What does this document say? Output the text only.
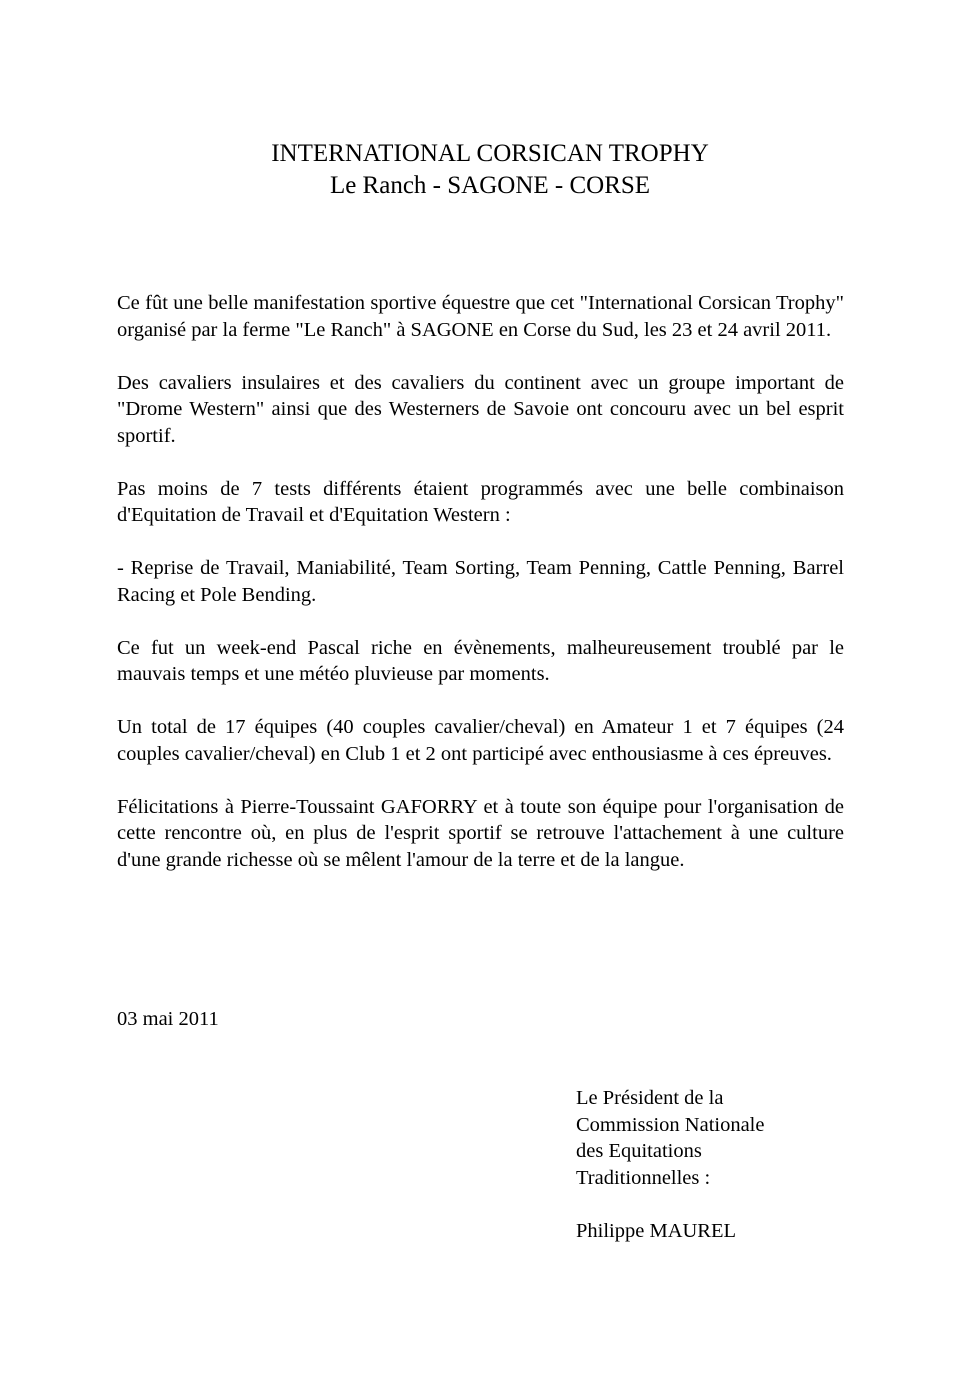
INTERNATIONAL CORSICAN TROPHY
Le Ranch - SAGONE - CORSE

Ce fût une belle manifestation sportive équestre que cet "International Corsican Trophy" organisé par la ferme "Le Ranch" à SAGONE en Corse du Sud, les 23 et 24 avril 2011.

Des cavaliers insulaires et des cavaliers du continent avec un groupe important de "Drome Western" ainsi que des Westerners de Savoie ont concouru avec un bel esprit sportif.

Pas moins de 7 tests différents étaient programmés avec une belle combinaison d'Equitation de Travail et d'Equitation Western :

- Reprise de Travail, Maniabilité, Team Sorting, Team Penning, Cattle Penning, Barrel Racing et Pole Bending.

Ce fut un week-end Pascal riche en évènements, malheureusement troublé par le mauvais temps et une météo pluvieuse par moments.

Un total de 17 équipes (40 couples cavalier/cheval) en Amateur 1 et 7 équipes (24 couples cavalier/cheval) en Club 1 et 2 ont participé avec enthousiasme à ces épreuves.

Félicitations à Pierre-Toussaint GAFORRY et à toute son équipe pour l'organisation de cette rencontre où, en plus de l'esprit sportif se retrouve l'attachement à une culture d'une grande richesse où se mêlent l'amour de la terre et de la langue.

03 mai 2011
Le Président de la
Commission Nationale
des Equitations
Traditionnelles :
Philippe MAUREL
